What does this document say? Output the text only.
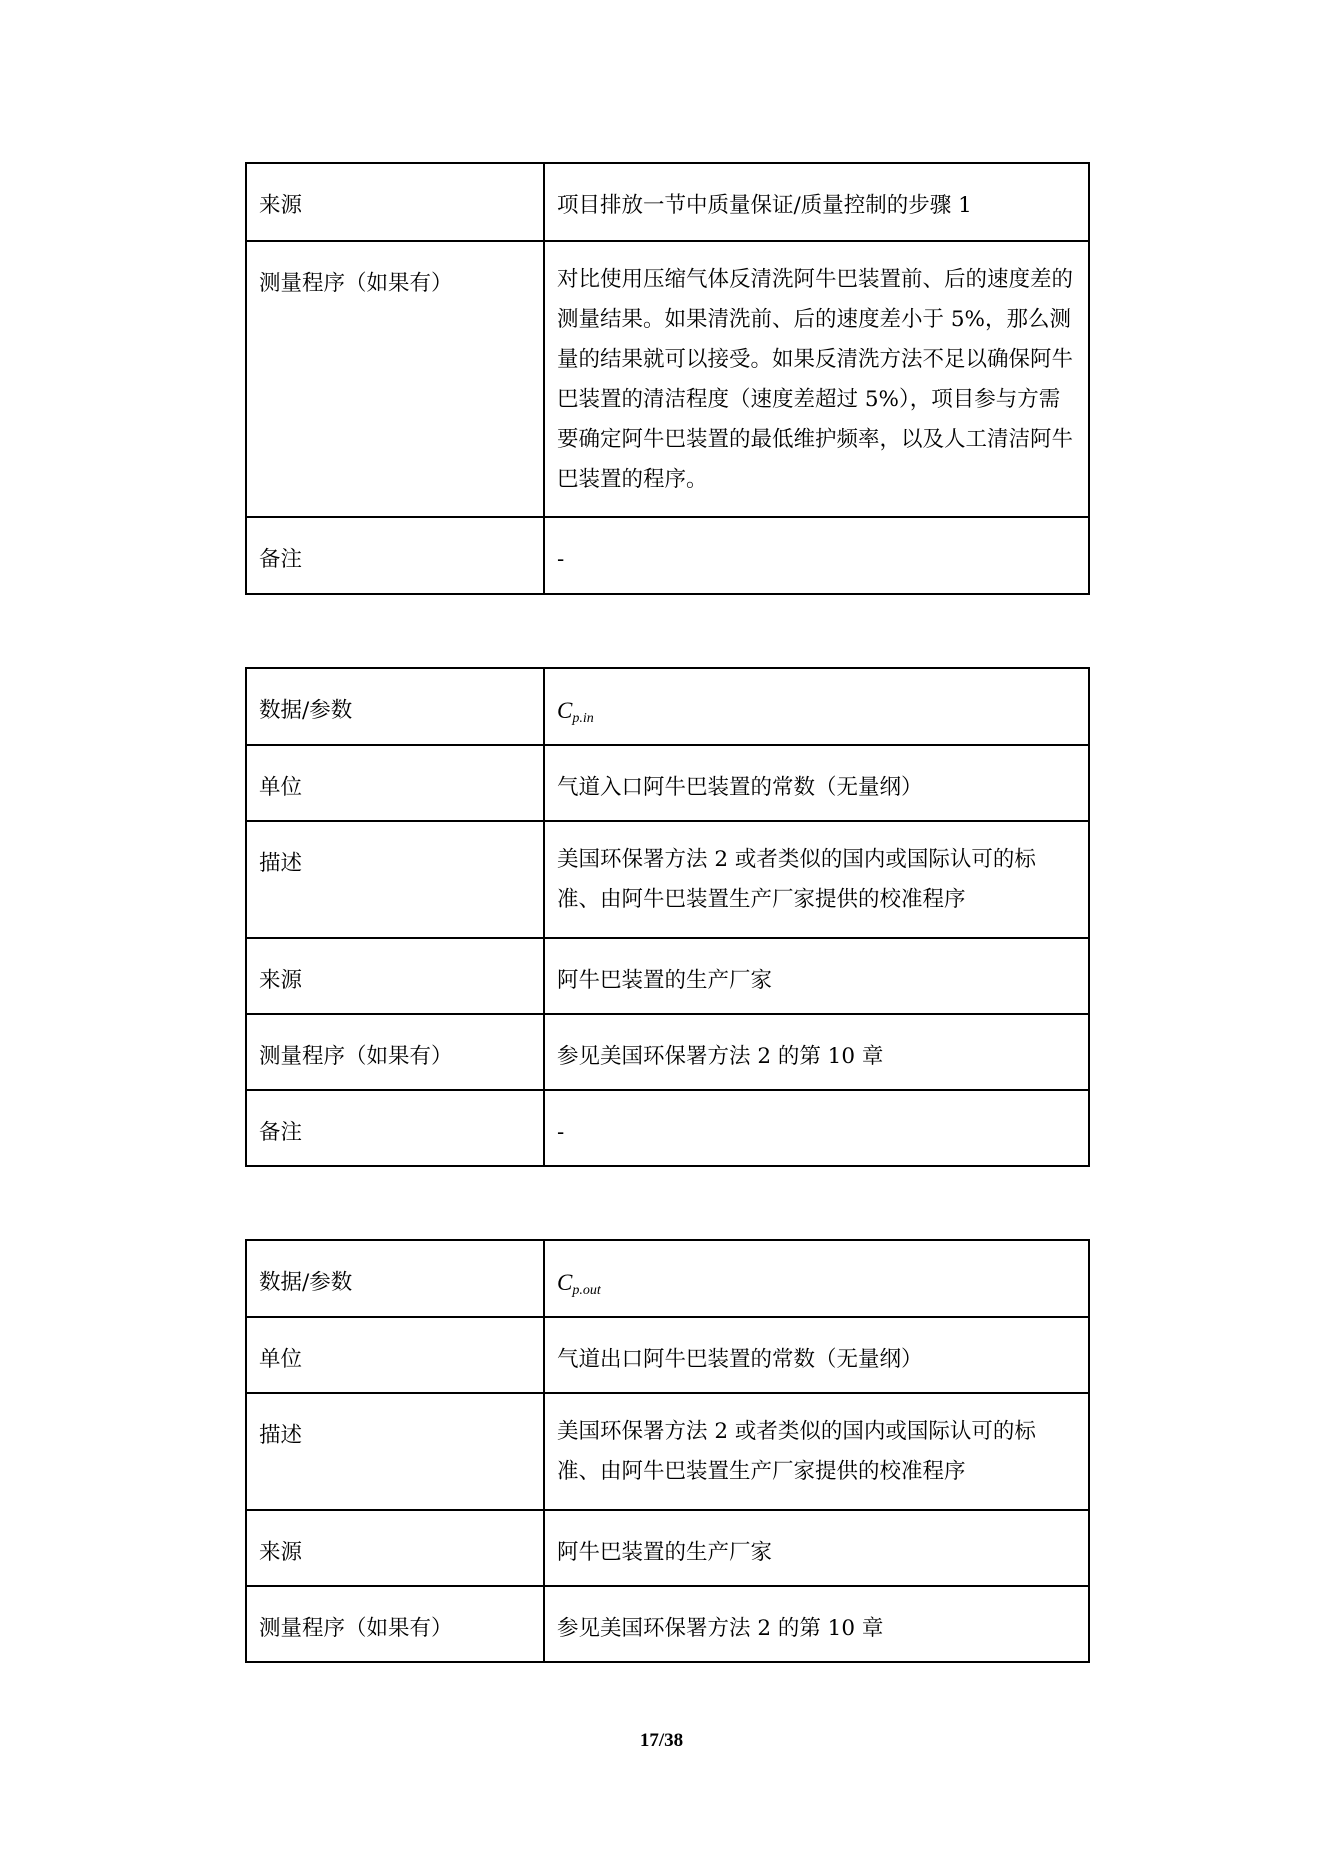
来源	项目排放一节中质量保证/质量控制的步骤 1
测量程序（如果有）	对比使用压缩气体反清洗阿牛巴装置前、后的速度差的测量结果。如果清洗前、后的速度差小于 5%，那么测量的结果就可以接受。如果反清洗方法不足以确保阿牛巴装置的清洁程度（速度差超过 5%），项目参与方需要确定阿牛巴装置的最低维护频率，以及人工清洁阿牛巴装置的程序。
备注	-
数据/参数	$C_{p.in}$
单位	气道入口阿牛巴装置的常数（无量纲）
描述	美国环保署方法 2 或者类似的国内或国际认可的标准、由阿牛巴装置生产厂家提供的校准程序
来源	阿牛巴装置的生产厂家
测量程序（如果有）	参见美国环保署方法 2 的第 10 章
备注	-
数据/参数	$C_{p.out}$
单位	气道出口阿牛巴装置的常数（无量纲）
描述	美国环保署方法 2 或者类似的国内或国际认可的标准、由阿牛巴装置生产厂家提供的校准程序
来源	阿牛巴装置的生产厂家
测量程序（如果有）	参见美国环保署方法 2 的第 10 章
17/38
